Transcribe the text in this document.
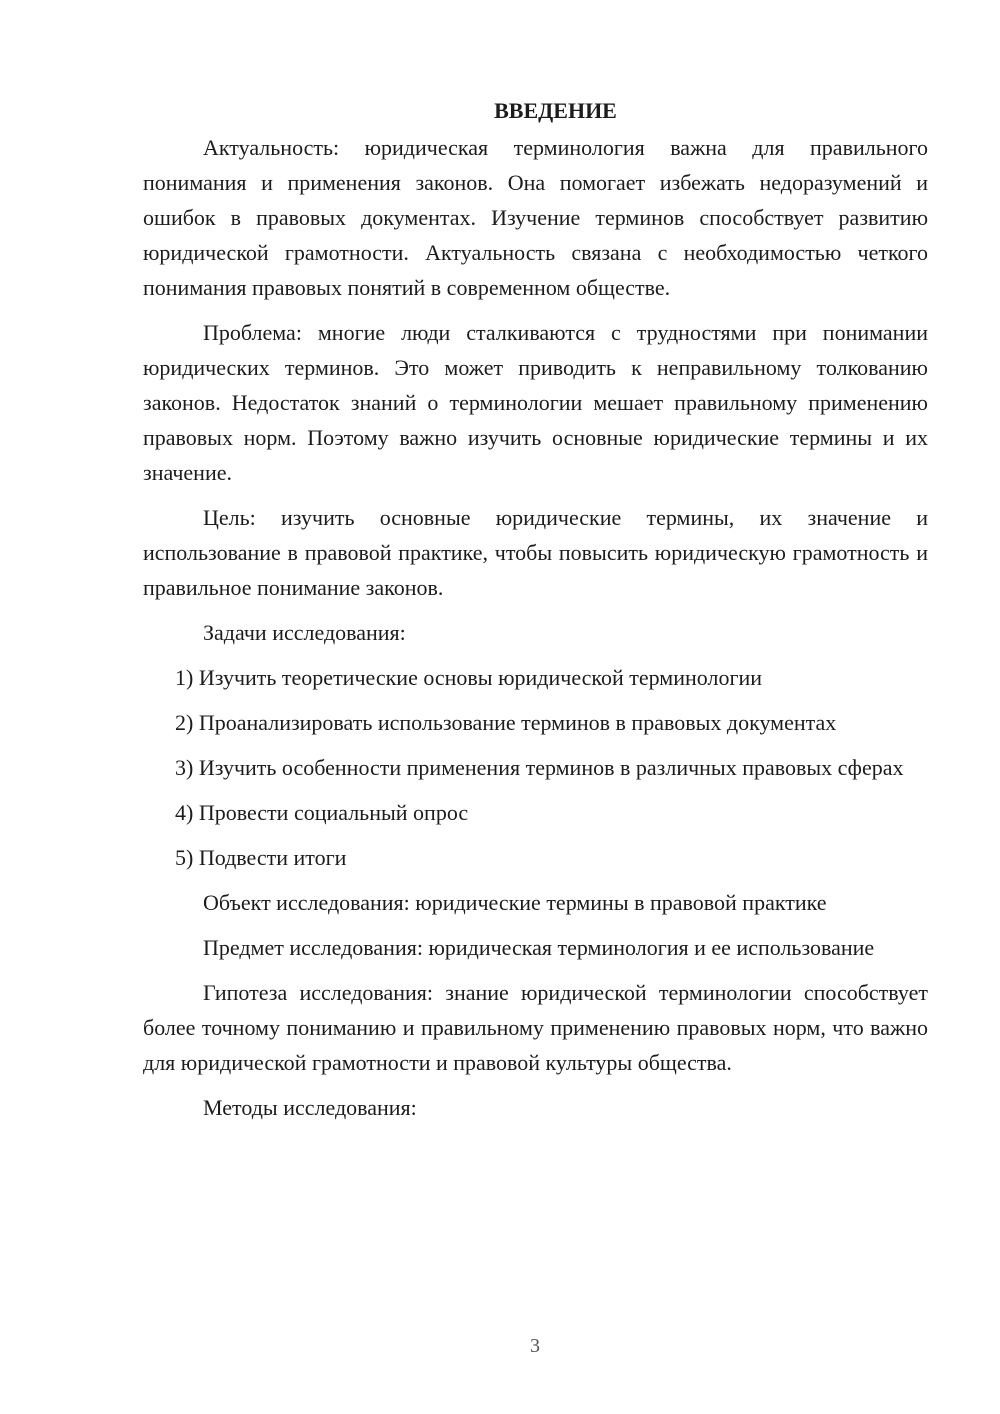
ВВЕДЕНИЕ

Актуальность: юридическая терминология важна для правильного понимания и применения законов. Она помогает избежать недоразумений и ошибок в правовых документах. Изучение терминов способствует развитию юридической грамотности. Актуальность связана с необходимостью четкого понимания правовых понятий в современном обществе.

Проблема: многие люди сталкиваются с трудностями при понимании юридических терминов. Это может приводить к неправильному толкованию законов. Недостаток знаний о терминологии мешает правильному применению правовых норм. Поэтому важно изучить основные юридические термины и их значение.

Цель: изучить основные юридические термины, их значение и использование в правовой практике, чтобы повысить юридическую грамотность и правильное понимание законов.

Задачи исследования:

1) Изучить теоретические основы юридической терминологии

2) Проанализировать использование терминов в правовых документах

3) Изучить особенности применения терминов в различных правовых сферах

4) Провести социальный опрос

5) Подвести итоги

Объект исследования: юридические термины в правовой практике

Предмет исследования: юридическая терминология и ее использование

Гипотеза исследования: знание юридической терминологии способствует более точному пониманию и правильному применению правовых норм, что важно для юридической грамотности и правовой культуры общества.

Методы исследования:

3
